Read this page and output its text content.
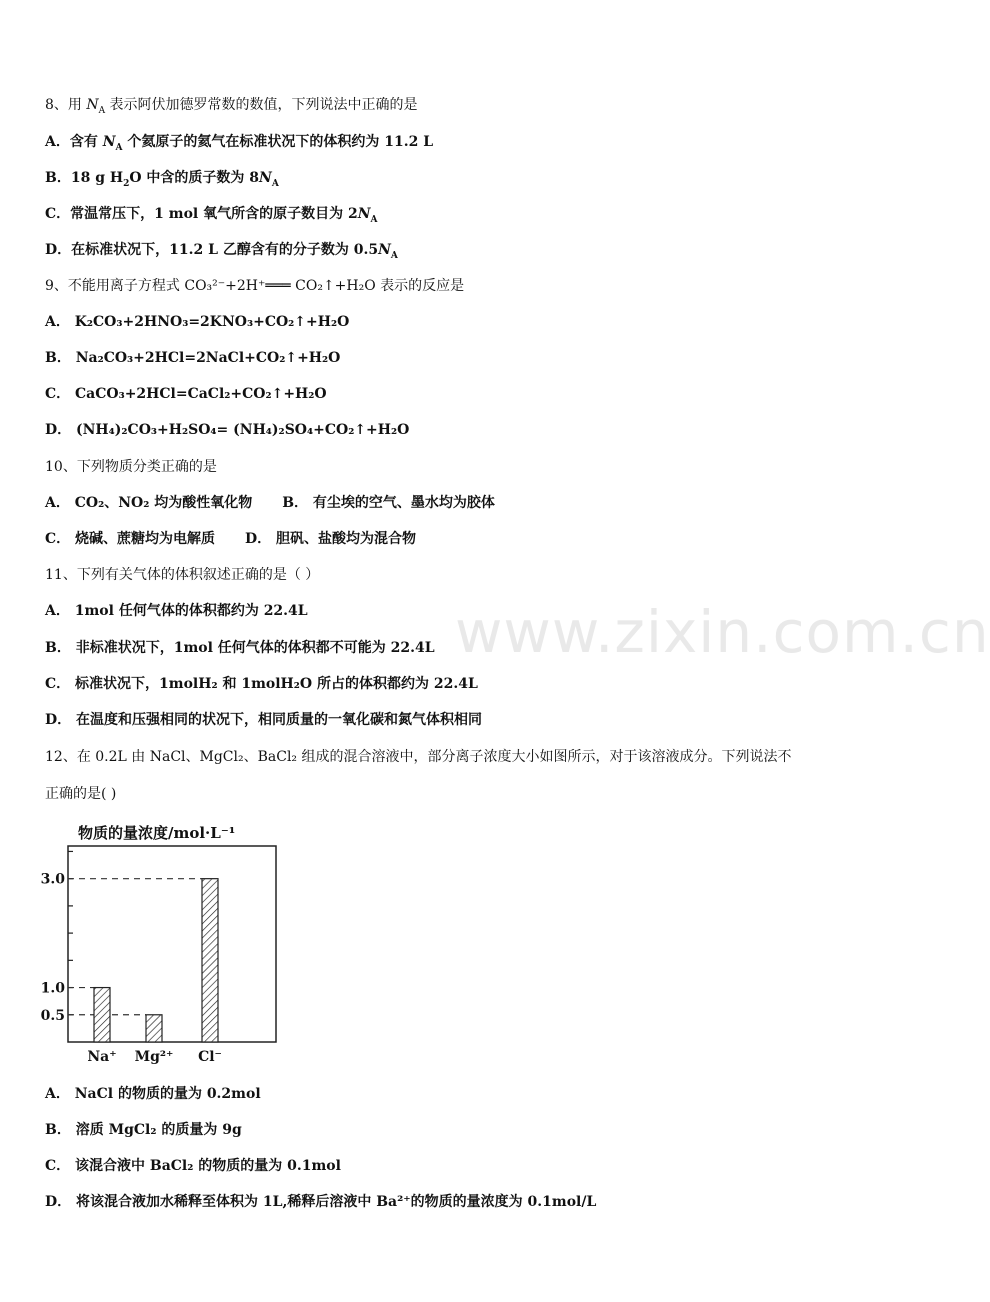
www.zixin.com.cn
8、用 $N_A$ 表示阿伏加德罗常数的数值，下列说法中正确的是
A．含有 $N_A$ 个氦原子的氦气在标准状况下的体积约为 11.2 L
B．18 g $H_2O$ 中含的质子数为 $8N_A$
C．常温常压下，1 mol 氧气所含的原子数目为 $2N_A$
D．在标准状况下，11.2 L 乙醇含有的分子数为 $0.5N_A$
9、不能用离子方程式 CO₃²⁻+2H⁺═══ CO₂↑+H₂O 表示的反应是
A． K₂CO₃+2HNO₃=2KNO₃+CO₂↑+H₂O
B． Na₂CO₃+2HCl=2NaCl+CO₂↑+H₂O
C． CaCO₃+2HCl=CaCl₂+CO₂↑+H₂O
D． (NH₄)₂CO₃+H₂SO₄= (NH₄)₂SO₄+CO₂↑+H₂O
10、下列物质分类正确的是
A． CO₂、NO₂ 均为酸性氧化物 B． 有尘埃的空气、墨水均为胶体
C． 烧碱、蔗糖均为电解质 D． 胆矾、盐酸均为混合物
11、下列有关气体的体积叙述正确的是（ ）
A． 1mol 任何气体的体积都约为 22.4L
B． 非标准状况下，1mol 任何气体的体积都不可能为 22.4L
C． 标准状况下，1molH₂ 和 1molH₂O 所占的体积都约为 22.4L
D． 在温度和压强相同的状况下，相同质量的一氧化碳和氮气体积相同
12、在 0.2L 由 NaCl、MgCl₂、BaCl₂ 组成的混合溶液中，部分离子浓度大小如图所示，对于该溶液成分。下列说法不
正确的是( )
物质的量浓度/mol·L⁻¹
3.0
1.0
0.5
Na⁺ Mg²⁺ Cl⁻
A． NaCl 的物质的量为 0.2mol
B． 溶质 MgCl₂ 的质量为 9g
C． 该混合液中 BaCl₂ 的物质的量为 0.1mol
D． 将该混合液加水稀释至体积为 1L,稀释后溶液中 Ba²⁺的物质的量浓度为 0.1mol/L
